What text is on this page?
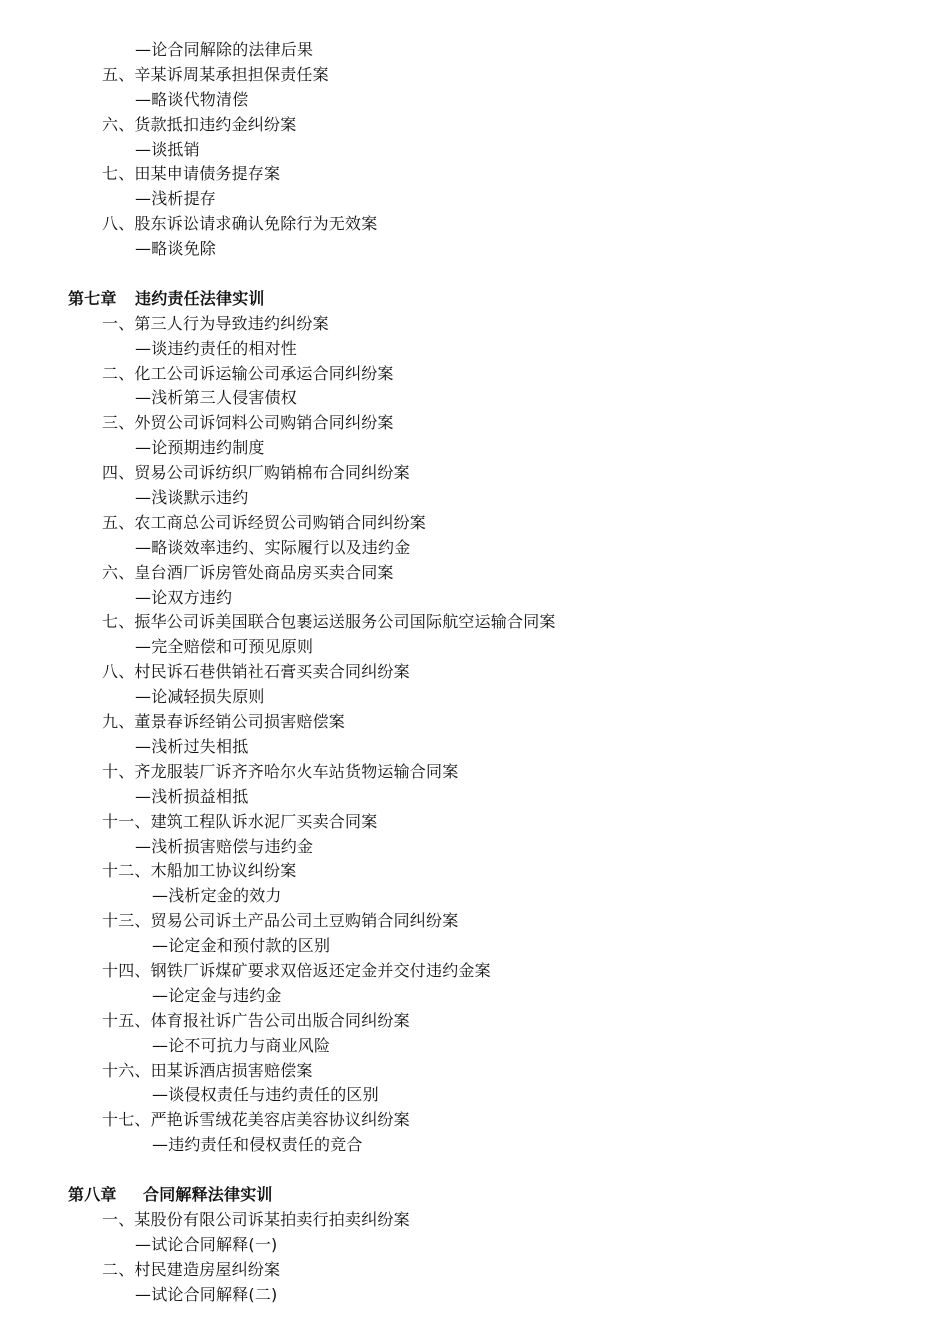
—论合同解除的法律后果
五、辛某诉周某承担担保责任案
—略谈代物清偿
六、货款抵扣违约金纠纷案
—谈抵销
七、田某申请债务提存案
—浅析提存
八、股东诉讼请求确认免除行为无效案
—略谈免除
第七章 违约责任法律实训
一、第三人行为导致违约纠纷案
—谈违约责任的相对性
二、化工公司诉运输公司承运合同纠纷案
—浅析第三人侵害债权
三、外贸公司诉饲料公司购销合同纠纷案
—论预期违约制度
四、贸易公司诉纺织厂购销棉布合同纠纷案
—浅谈默示违约
五、农工商总公司诉经贸公司购销合同纠纷案
—略谈效率违约、实际履行以及违约金
六、皇台酒厂诉房管处商品房买卖合同案
—论双方违约
七、振华公司诉美国联合包裹运送服务公司国际航空运输合同案
—完全赔偿和可预见原则
八、村民诉石巷供销社石膏买卖合同纠纷案
—论减轻损失原则
九、董景春诉经销公司损害赔偿案
—浅析过失相抵
十、齐龙服装厂诉齐齐哈尔火车站货物运输合同案
—浅析损益相抵
十一、建筑工程队诉水泥厂买卖合同案
—浅析损害赔偿与违约金
十二、木船加工协议纠纷案
—浅析定金的效力
十三、贸易公司诉土产品公司土豆购销合同纠纷案
—论定金和预付款的区别
十四、钢铁厂诉煤矿要求双倍返还定金并交付违约金案
—论定金与违约金
十五、体育报社诉广告公司出版合同纠纷案
—论不可抗力与商业风险
十六、田某诉酒店损害赔偿案
—谈侵权责任与违约责任的区别
十七、严艳诉雪绒花美容店美容协议纠纷案
—违约责任和侵权责任的竞合
第八章 合同解释法律实训
一、某股份有限公司诉某拍卖行拍卖纠纷案
—试论合同解释(一)
二、村民建造房屋纠纷案
—试论合同解释(二)
